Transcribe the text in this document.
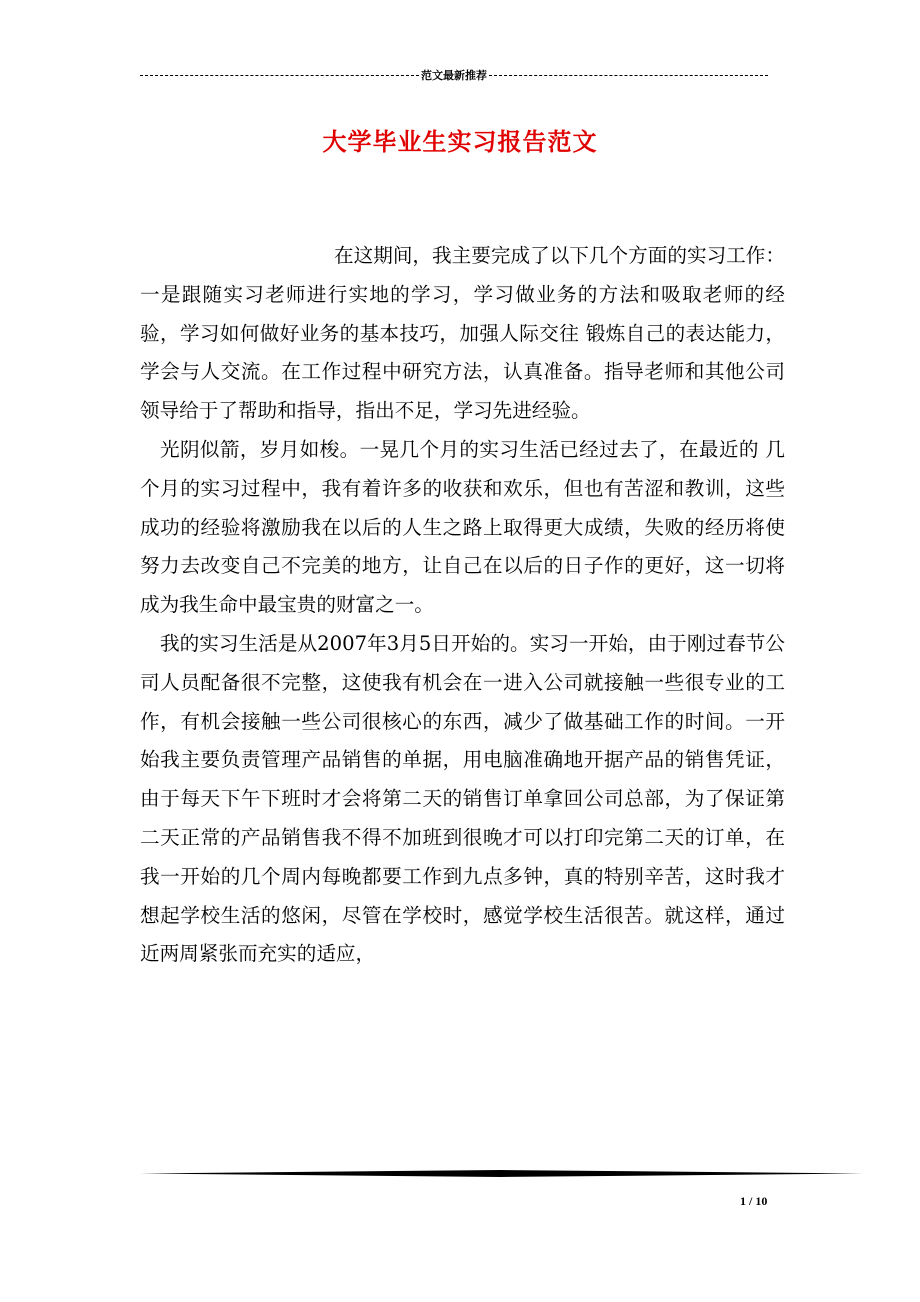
范文最新推荐
大学毕业生实习报告范文

在这期间，我主要完成了以下几个方面的实习工作：一是跟随实习老师进行实地的学习，学习做业务的方法和吸取老师的经验，学习如何做好业务的基本技巧，加强人际交往 锻炼自己的表达能力，学会与人交流。在工作过程中研究方法，认真准备。指导老师和其他公司领导给于了帮助和指导，指出不足，学习先进经验。

光阴似箭，岁月如梭。一晃几个月的实习生活已经过去了，在最近的 几个月的实习过程中，我有着许多的收获和欢乐，但也有苦涩和教训，这些成功的经验将激励我在以后的人生之路上取得更大成绩，失败的经历将使努力去改变自己不完美的地方，让自己在以后的日子作的更好，这一切将成为我生命中最宝贵的财富之一。

我的实习生活是从2007年3月5日开始的。实习一开始，由于刚过春节公司人员配备很不完整，这使我有机会在一进入公司就接触一些很专业的工作，有机会接触一些公司很核心的东西，减少了做基础工作的时间。一开始我主要负责管理产品销售的单据，用电脑准确地开据产品的销售凭证，由于每天下午下班时才会将第二天的销售订单拿回公司总部，为了保证第二天正常的产品销售我不得不加班到很晚才可以打印完第二天的订单，在我一开始的几个周内每晚都要工作到九点多钟，真的特别辛苦，这时我才想起学校生活的悠闲，尽管在学校时，感觉学校生活很苦。就这样，通过近两周紧张而充实的适应，

1 / 10
